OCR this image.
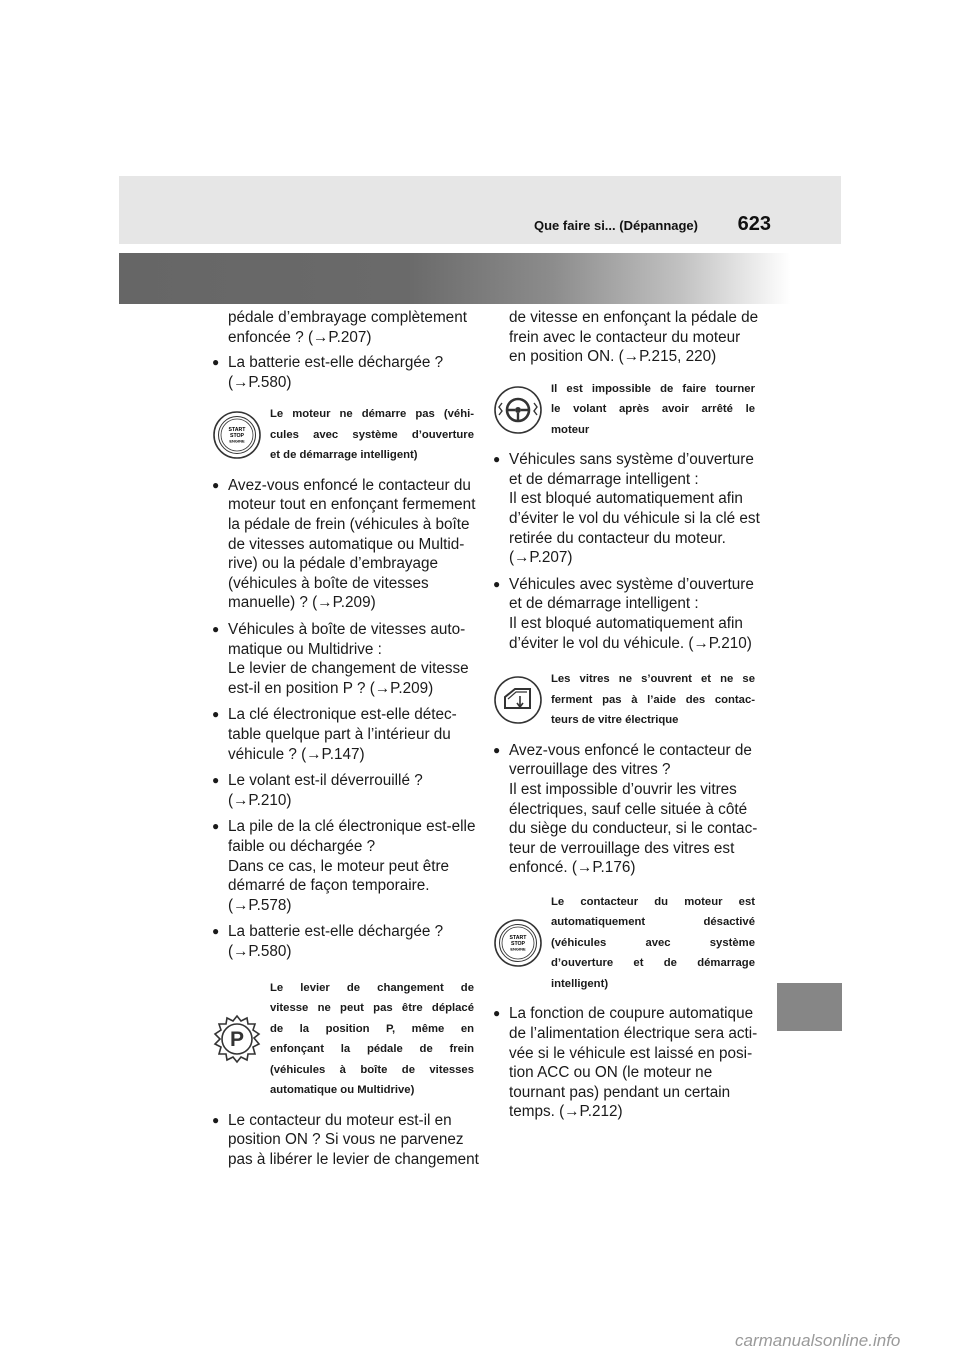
Que faire si... (Dépannage) 623
pédale d’embrayage complètement
enfoncée ? (→P.207)
● La batterie est-elle déchargée ?
(→P.580)
START
STOP
ENGINE
Le moteur ne démarre pas (véhi-
cules avec système d’ouverture
et de démarrage intelligent)
● Avez-vous enfoncé le contacteur du
moteur tout en enfonçant fermement
la pédale de frein (véhicules à boîte
de vitesses automatique ou Multid-
rive) ou la pédale d’embrayage
(véhicules à boîte de vitesses
manuelle) ? (→P.209)
● Véhicules à boîte de vitesses auto-
matique ou Multidrive :
Le levier de changement de vitesse
est-il en position P ? (→P.209)
● La clé électronique est-elle détec-
table quelque part à l’intérieur du
véhicule ? (→P.147)
● Le volant est-il déverrouillé ?
(→P.210)
● La pile de la clé électronique est-elle
faible ou déchargée ?
Dans ce cas, le moteur peut être
démarré de façon temporaire.
(→P.578)
● La batterie est-elle déchargée ?
(→P.580)
P
Le levier de changement de
vitesse ne peut pas être déplacé
de la position P, même en
enfonçant la pédale de frein
(véhicules à boîte de vitesses
automatique ou Multidrive)
● Le contacteur du moteur est-il en
position ON ? Si vous ne parvenez
pas à libérer le levier de changement
de vitesse en enfonçant la pédale de
frein avec le contacteur du moteur
en position ON. (→P.215, 220)
Il est impossible de faire tourner
le volant après avoir arrêté le
moteur
● Véhicules sans système d’ouverture
et de démarrage intelligent :
Il est bloqué automatiquement afin
d’éviter le vol du véhicule si la clé est
retirée du contacteur du moteur.
(→P.207)
● Véhicules avec système d’ouverture
et de démarrage intelligent :
Il est bloqué automatiquement afin
d’éviter le vol du véhicule. (→P.210)
Les vitres ne s’ouvrent et ne se
ferment pas à l’aide des contac-
teurs de vitre électrique
● Avez-vous enfoncé le contacteur de
verrouillage des vitres ?
Il est impossible d’ouvrir les vitres
électriques, sauf celle située à côté
du siège du conducteur, si le contac-
teur de verrouillage des vitres est
enfoncé. (→P.176)
START
STOP
ENGINE
Le contacteur du moteur est
automatiquement désactivé
(véhicules avec système
d’ouverture et de démarrage
intelligent)
● La fonction de coupure automatique
de l’alimentation électrique sera acti-
vée si le véhicule est laissé en posi-
tion ACC ou ON (le moteur ne
tournant pas) pendant un certain
temps. (→P.212)
carmanualsonline.info
